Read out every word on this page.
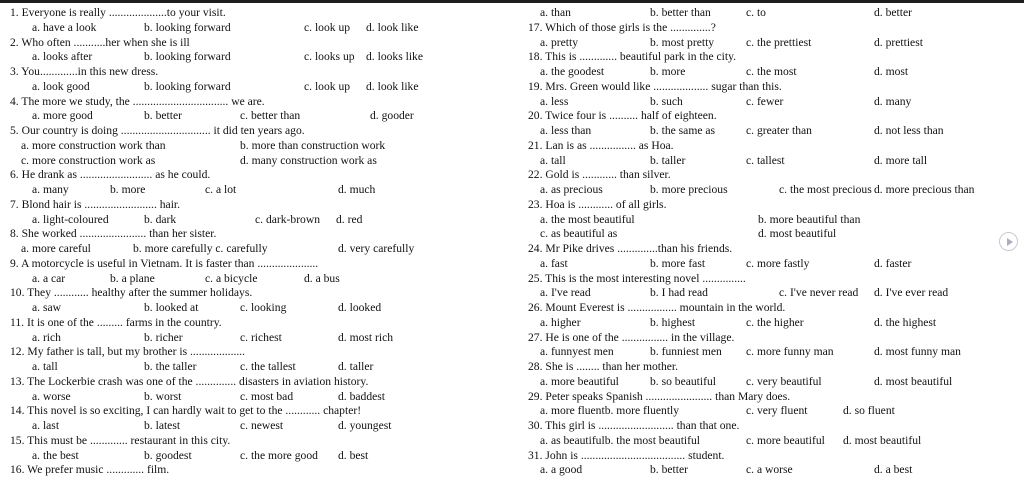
1. Everyone is really ....................to your visit.
a. have a look	b. looking forward	c. look up d. look like
2. Who often ...........her when she is ill
a. looks after	b. looking forward	c. looks up d. looks like
3. You.............in this new dress.
a. look good	b. looking forward	c. look up d. look like
4. The more we study, the ................................. we are.
a. more good	b. better	c. better than	d. gooder
5. Our country is doing ............................... it did ten years ago.
a. more construction work than	b. more than construction work
c. more construction work as	d. many construction work as
6. He drank as ......................... as he could.
a. many	b. more	c. a lot	d. much
7. Blond hair is ......................... hair.
a. light-coloured	b. dark	c. dark-brown d. red
8. She worked ....................... than her sister.
a. more careful	b. more carefully c. carefully	d. very carefully
9. A motorcycle is useful in Vietnam. It is faster than .....................
a. a car	b. a plane	c. a bicycle	d. a bus
10. They ............ healthy after the summer holidays.
a. saw	b. looked at	c. looking	d. looked
11. It is one of the ......... farms in the country.
a. rich	b. richer	c. richest	d. most rich
12. My father is tall, but my brother is ...................
a. tall	b. the taller	c. the tallest	d. taller
13. The Lockerbie crash was one of the .............. disasters in aviation history.
a. worse	b. worst	c. most bad	d. baddest
14. This novel is so exciting, I can hardly wait to get to the ............ chapter!
a. last	b. latest	c. newest	d. youngest
15. This must be ............. restaurant in this city.
a. the best	b. goodest	c. the more good d. best
16. We prefer music ............. film.
a. than	b. better than	c. to	d. better
17. Which of those girls is the ..............?
a. pretty	b. most pretty	c. the prettiest	d. prettiest
18. This is ............. beautiful park in the city.
a. the goodest	b. more	c. the most	d. most
19. Mrs. Green would like ................... sugar than this.
a. less	b. such	c. fewer	d. many
20. Twice four is .......... half of eighteen.
a. less than	b. the same as	c. greater than	d. not less than
21. Lan is as ................ as Hoa.
a. tall	b. taller	c. tallest	d. more tall
22. Gold is ............ than silver.
a. as precious	b. more precious	c. the most precious d. more precious than
23. Hoa is ............ of all girls.
a. the most beautiful	b. more beautiful than
c. as beautiful as	d. most beautiful
24. Mr Pike drives ..............than his friends.
a. fast	b. more fast	c. more fastly	d. faster
25. This is the most interesting novel ...............
a. I've read	b. I had read	c. I've never read d. I've ever read
26. Mount Everest is ................. mountain in the world.
a. higher	b. highest	c. the higher	d. the highest
27. He is one of the ................ in the village.
a. funnyest men	b. funniest men c. more funny man	d. most funny man
28. She is ........ than her mother.
a. more beautiful	b. so beautiful	c. very beautiful	d. most beautiful
29. Peter speaks Spanish ....................... than Mary does.
a. more fluentb. more fluently	c. very fluent	d. so fluent
30. This girl is .......................... than that one.
a. as beautifulb. the most beautiful	c. more beautiful d. most beautiful
31. John is .................................... student.
a. a good	b. better	c. a worse	d. a best
